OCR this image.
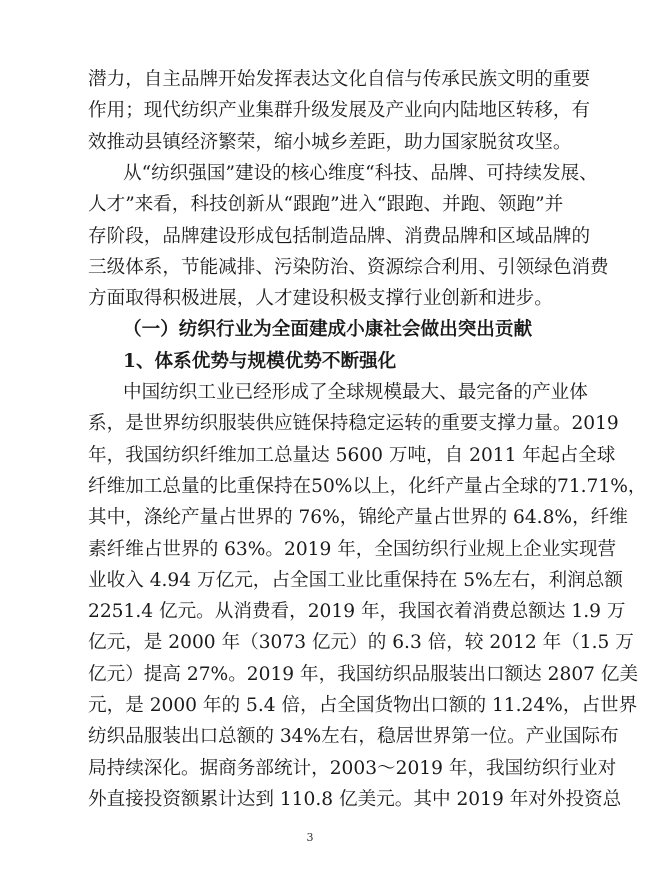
潜力，自主品牌开始发挥表达文化自信与传承民族文明的重要
作用；现代纺织产业集群升级发展及产业向内陆地区转移，有
效推动县镇经济繁荣，缩小城乡差距，助力国家脱贫攻坚。
从“纺织强国”建设的核心维度“科技、品牌、可持续发展、
人才”来看，科技创新从“跟跑”进入“跟跑、并跑、领跑”并
存阶段，品牌建设形成包括制造品牌、消费品牌和区域品牌的
三级体系，节能减排、污染防治、资源综合利用、引领绿色消费
方面取得积极进展，人才建设积极支撑行业创新和进步。
（一）纺织行业为全面建成小康社会做出突出贡献
1、体系优势与规模优势不断强化
中国纺织工业已经形成了全球规模最大、最完备的产业体
系，是世界纺织服装供应链保持稳定运转的重要支撑力量。2019
年，我国纺织纤维加工总量达 5600 万吨，自 2011 年起占全球
纤维加工总量的比重保持在50%以上，化纤产量占全球的71.71%，
其中，涤纶产量占世界的 76%，锦纶产量占世界的 64.8%，纤维
素纤维占世界的 63%。2019 年，全国纺织行业规上企业实现营
业收入 4.94 万亿元，占全国工业比重保持在 5%左右，利润总额
2251.4 亿元。从消费看，2019 年，我国衣着消费总额达 1.9 万
亿元，是 2000 年（3073 亿元）的 6.3 倍，较 2012 年（1.5 万
亿元）提高 27%。2019 年，我国纺织品服装出口额达 2807 亿美
元，是 2000 年的 5.4 倍，占全国货物出口额的 11.24%，占世界
纺织品服装出口总额的 34%左右，稳居世界第一位。产业国际布
局持续深化。据商务部统计，2003～2019 年，我国纺织行业对
外直接投资额累计达到 110.8 亿美元。其中 2019 年对外投资总
3
